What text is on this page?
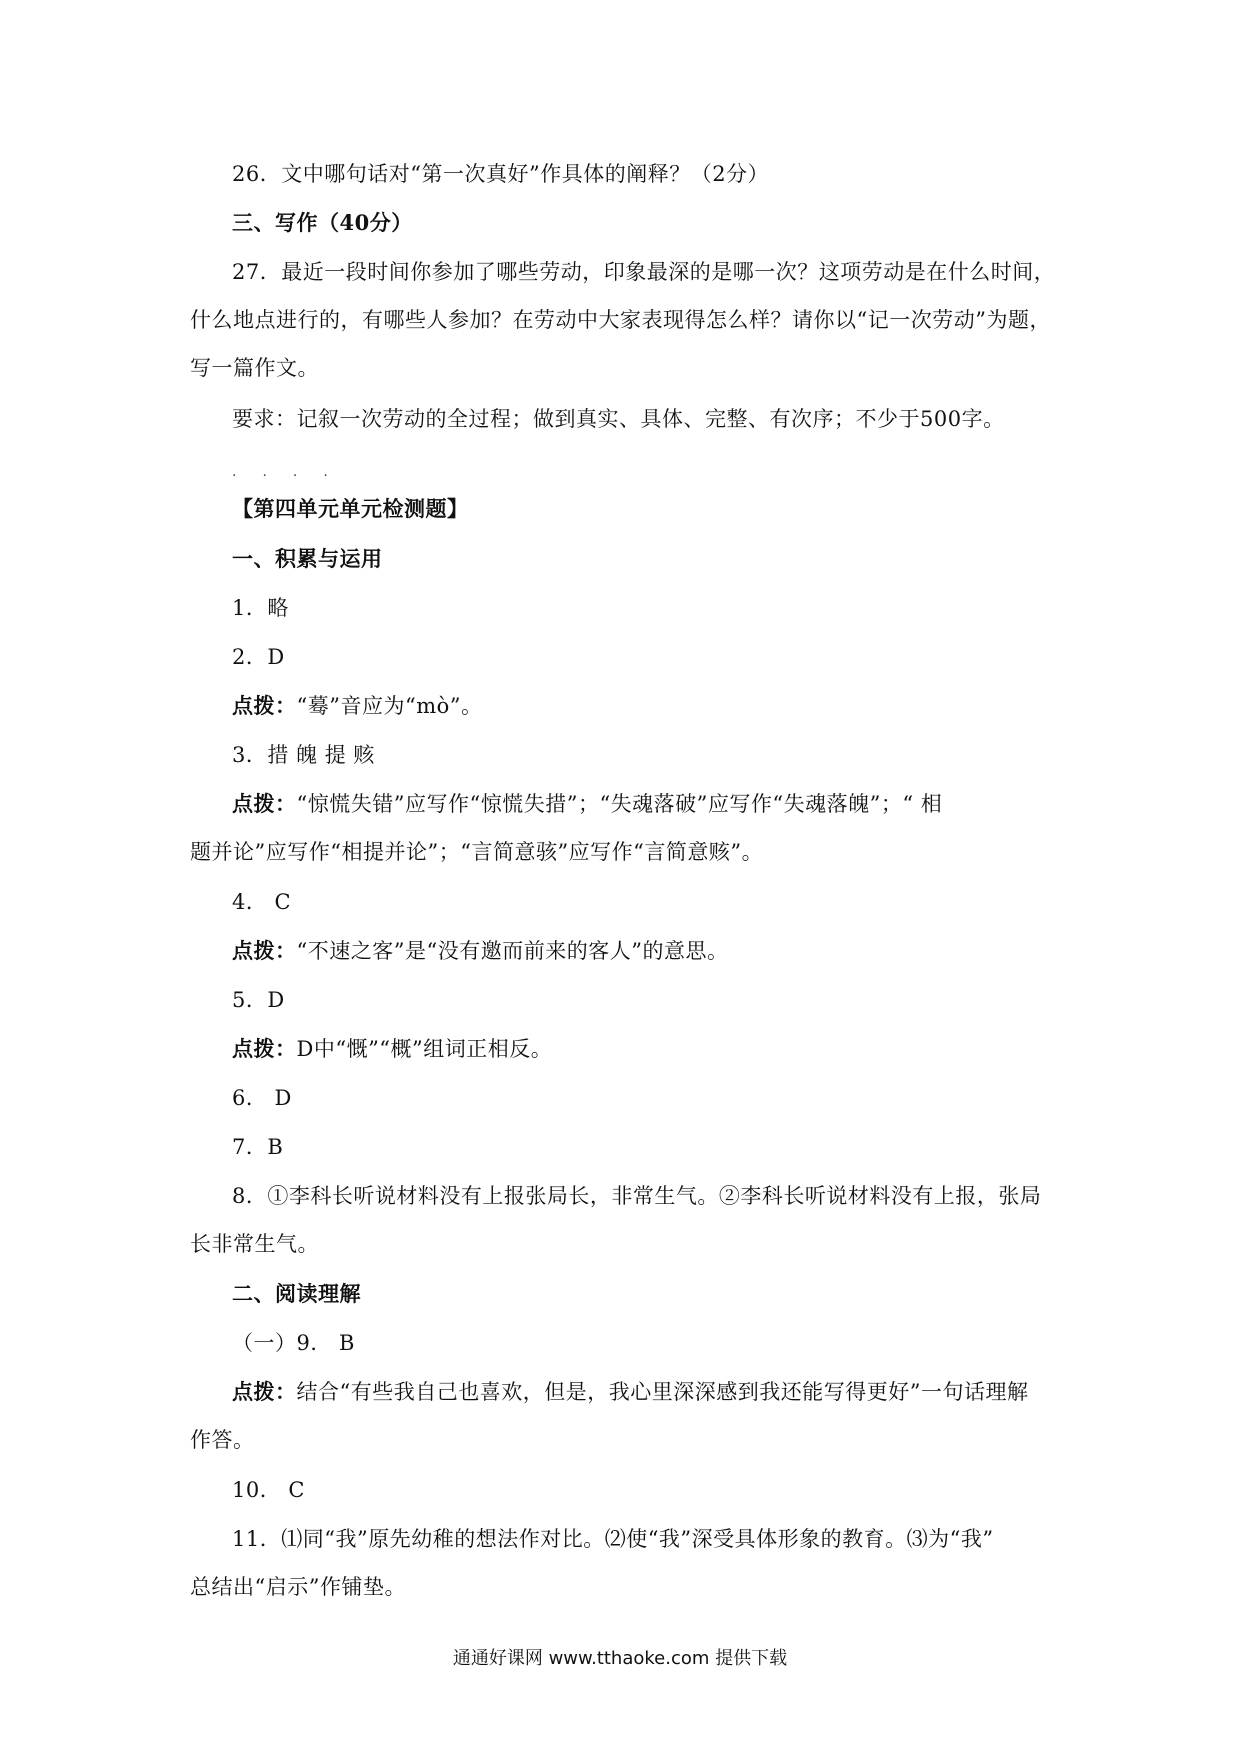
26．文中哪句话对“第一次真好”作具体的阐释？（2分）
三、写作（40分）
27．最近一段时间你参加了哪些劳动，印象最深的是哪一次？这项劳动是在什么时间，
什么地点进行的，有哪些人参加？在劳动中大家表现得怎么样？请你以“记一次劳动”为题，
写一篇作文。
要求：记叙一次劳动的全过程；做到真实、具体、完整、有次序；不少于500字。
····
【第四单元单元检测题】
一、积累与运用
1．略
2．D
点拨：“蓦”音应为“mò”。
3．措 魄 提 赅
点拨：“惊慌失错”应写作“惊慌失措”；“失魂落破”应写作“失魂落魄”；“ 相
题并论”应写作“相提并论”；“言简意骇”应写作“言简意赅”。
4． C
点拨：“不速之客”是“没有邀而前来的客人”的意思。
5．D
点拨：D中“慨”“概”组词正相反。
6． D
7．B
8．①李科长听说材料没有上报张局长，非常生气。②李科长听说材料没有上报，张局
长非常生气。
二、阅读理解
（一）9． B
点拨：结合“有些我自己也喜欢，但是，我心里深深感到我还能写得更好”一句话理解
作答。
10． C
11．⑴同“我”原先幼稚的想法作对比。⑵使“我”深受具体形象的教育。⑶为“我”
总结出“启示”作铺垫。
通通好课网 www.tthaoke.com 提供下载
